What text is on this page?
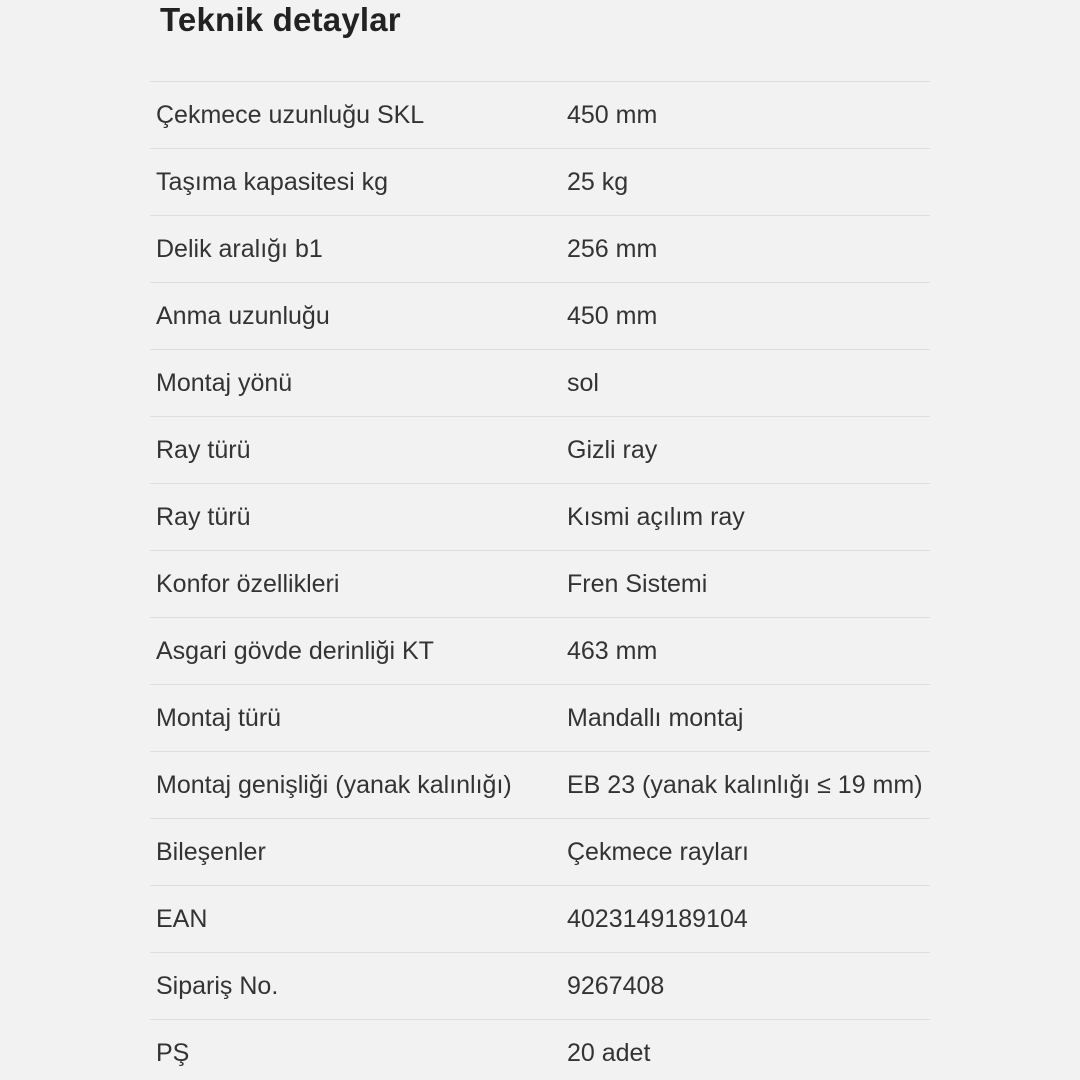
Teknik detaylar
Çekmece uzunluğu SKL	450 mm
Taşıma kapasitesi kg	25 kg
Delik aralığı b1	256 mm
Anma uzunluğu	450 mm
Montaj yönü	sol
Ray türü	Gizli ray
Ray türü	Kısmi açılım ray
Konfor özellikleri	Fren Sistemi
Asgari gövde derinliği KT	463 mm
Montaj türü	Mandallı montaj
Montaj genişliği (yanak kalınlığı)	EB 23 (yanak kalınlığı ≤ 19 mm)
Bileşenler	Çekmece rayları
EAN	4023149189104
Sipariş No.	9267408
PŞ	20 adet
